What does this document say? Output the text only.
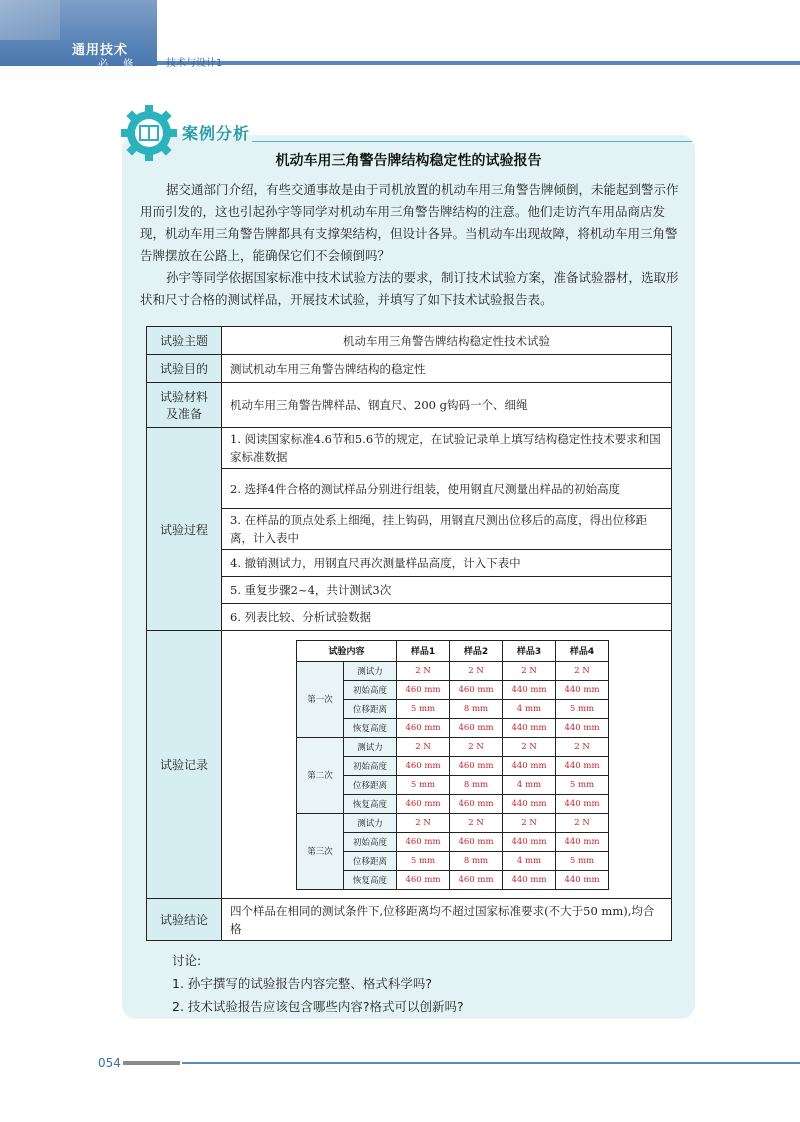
通用技术
必 修	技术与设计1
案例分析
机动车用三角警告牌结构稳定性的试验报告
据交通部门介绍，有些交通事故是由于司机放置的机动车用三角警告牌倾倒，未能起到警示作用而引发的，这也引起孙宇等同学对机动车用三角警告牌结构的注意。他们走访汽车用品商店发现，机动车用三角警告牌都具有支撑架结构，但设计各异。当机动车出现故障，将机动车用三角警告牌摆放在公路上，能确保它们不会倾倒吗？
孙宇等同学依据国家标准中技术试验方法的要求，制订技术试验方案，准备试验器材，选取形状和尺寸合格的测试样品，开展技术试验，并填写了如下技术试验报告表。
试验主题	机动车用三角警告牌结构稳定性技术试验
试验目的	测试机动车用三角警告牌结构的稳定性

试验材料
及准备
	机动车用三角警告牌样品、钢直尺、200 g钩码一个、细绳
试验过程	1. 阅读国家标准4.6节和5.6节的规定，在试验记录单上填写结构稳定性技术要求和国家标准数据
2. 选择4件合格的测试样品分别进行组装，使用钢直尺测量出样品的初始高度
3. 在样品的顶点处系上细绳，挂上钩码，用钢直尺测出位移后的高度，得出位移距离，计入表中
4. 撤销测试力，用钢直尺再次测量样品高度，计入下表中
5. 重复步骤2~4，共计测试3次
6. 列表比较、分析试验数据
试验记录	
试验内容	样品1	样品2	样品3	样品4
第一次	测试力	2 N	2 N	2 N	2 N
初始高度	460 mm	460 mm	440 mm	440 mm
位移距离	5 mm	8 mm	4 mm	5 mm
恢复高度	460 mm	460 mm	440 mm	440 mm
第二次	测试力	2 N	2 N	2 N	2 N
初始高度	460 mm	460 mm	440 mm	440 mm
位移距离	5 mm	8 mm	4 mm	5 mm
恢复高度	460 mm	460 mm	440 mm	440 mm
第三次	测试力	2 N	2 N	2 N	2 N
初始高度	460 mm	460 mm	440 mm	440 mm
位移距离	5 mm	8 mm	4 mm	5 mm
恢复高度	460 mm	460 mm	440 mm	440 mm

试验结论	四个样品在相同的测试条件下,位移距离均不超过国家标准要求(不大于50 mm),均合格
讨论:
1. 孙宇撰写的试验报告内容完整、格式科学吗?
2. 技术试验报告应该包含哪些内容?格式可以创新吗?
054
